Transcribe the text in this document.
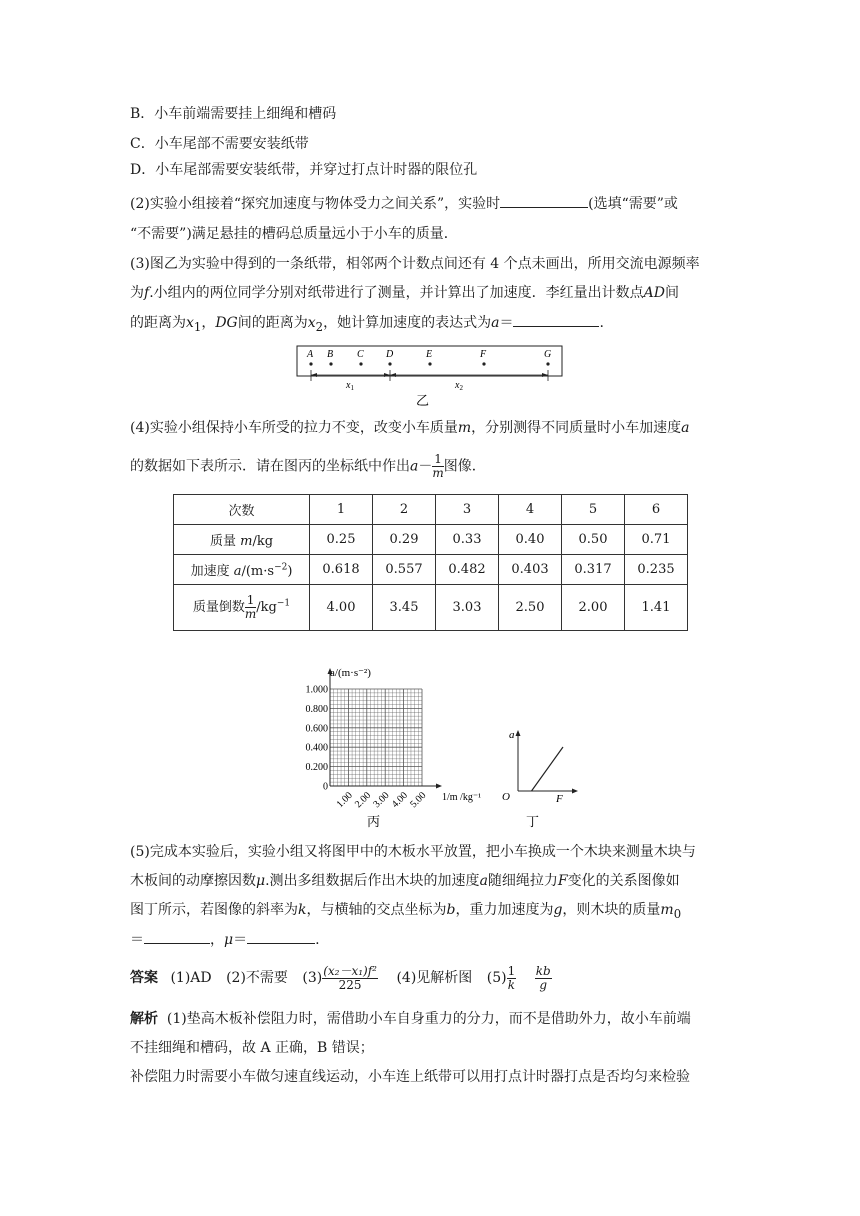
B．小车前端需要挂上细绳和槽码
C．小车尾部不需要安装纸带
D．小车尾部需要安装纸带，并穿过打点计时器的限位孔
(2)实验小组接着“探究加速度与物体受力之间关系”，实验时	(选填“需要”或
“不需要”)满足悬挂的槽码总质量远小于小车的质量．
(3)图乙为实验中得到的一条纸带，相邻两个计数点间还有 4 个点未画出，所用交流电源频率
为f.小组内的两位同学分别对纸带进行了测量，并计算出了加速度．李红量出计数点AD间
的距离为$x_1$，DG间的距离为$x_2$，她计算加速度的表达式为a＝	.
A B C D	E	F	G
$x_1$	$x_2$
乙
(4)实验小组保持小车所受的拉力不变，改变小车质量m，分别测得不同质量时小车加速度a
的数据如下表所示．请在图丙的坐标纸中作出$a- \frac{1}{m}$ 图像．
次数	1	2	3	4	5	6
质量 m/kg	0.25	0.29	0.33	0.40	0.50	0.71
加速度 $a/(m\cdot s^{-2})$	0.618	0.557	0.482	0.403	0.317	0.235
质量倒数 $\frac{1}{m} /kg^{-1}$	4.00	3.45	3.03	2.50	2.00	1.41
0
0.200
0.400
0.600
0.800
1.000
1.00
2.00
3.00
4.00
5.00
a/(m·s⁻²)
1/m /kg⁻¹
丙
a
F
O
丁
(5)完成本实验后，实验小组又将图甲中的木板水平放置，把小车换成一个木块来测量木块与
木板间的动摩擦因数μ.测出多组数据后作出木块的加速度a随细绳拉力F变化的关系图像如
图丁所示，若图像的斜率为k，与横轴的交点坐标为b，重力加速度为g，则木块的质量$m_0$
＝	，μ＝	.
答案 (1)AD (2)不需要 $(3) \frac{\text{(x₂－x₁)f²}}{225} (4)$见解析图 $(5) \frac{1}{k}$
$\frac{kb}{g}$
解析 (1)垫高木板补偿阻力时，需借助小车自身重力的分力，而不是借助外力，故小车前端
不挂细绳和槽码，故 A 正确，B 错误；
补偿阻力时需要小车做匀速直线运动，小车连上纸带可以用打点计时器打点是否均匀来检验
